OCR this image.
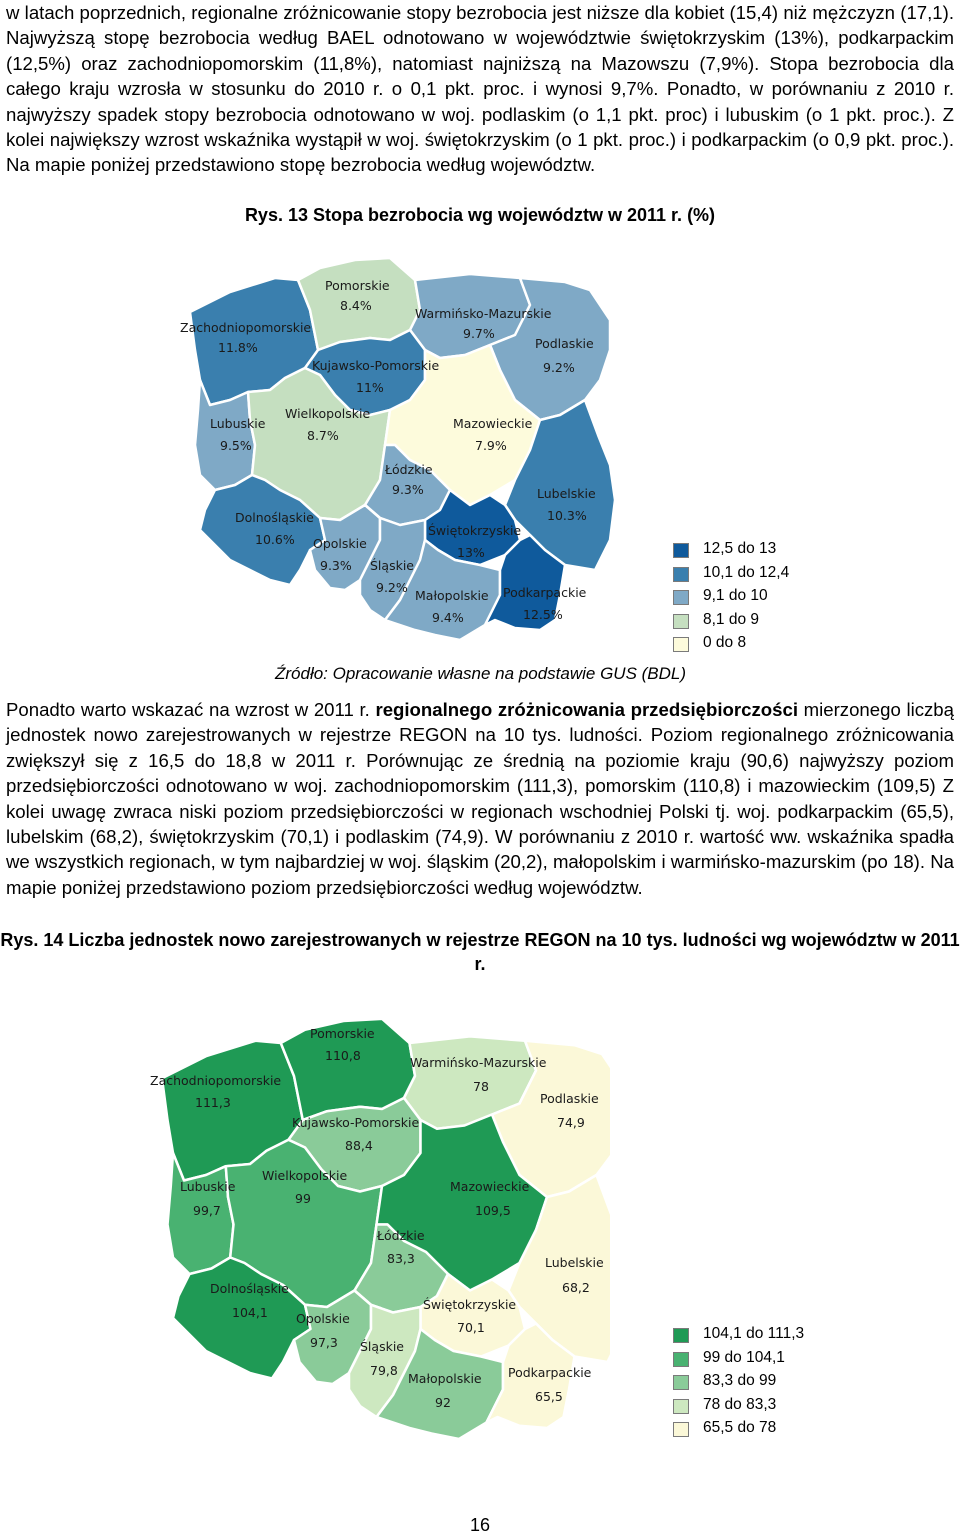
w latach poprzednich, regionalne zróżnicowanie stopy bezrobocia jest niższe dla kobiet (15,4) niż mężczyzn (17,1). Najwyższą stopę bezrobocia według BAEL odnotowano w województwie świętokrzyskim (13%), podkarpackim (12,5%) oraz zachodniopomorskim (11,8%), natomiast najniższą na Mazowszu (7,9%). Stopa bezrobocia dla całego kraju wzrosła w stosunku do 2010 r. o 0,1 pkt. proc. i wynosi 9,7%. Ponadto, w porównaniu z 2010 r. najwyższy spadek stopy bezrobocia odnotowano w woj. podlaskim (o 1,1 pkt. proc) i lubuskim (o 1 pkt. proc.). Z kolei największy wzrost wskaźnika wystąpił w woj. świętokrzyskim (o 1 pkt. proc.) i podkarpackim (o 0,9 pkt. proc.). Na mapie poniżej przedstawiono stopę bezrobocia według województw.
Rys. 13 Stopa bezrobocia wg województw w 2011 r. (%)
Pomorskie
8.4%
Zachodniopomorskie
11.8%
Warmińsko-Mazurskie
9.7%
Podlaskie
9.2%
Kujawsko-Pomorskie
11%
Lubuskie
9.5%
Wielkopolskie
8.7%
Mazowieckie
7.9%
Łódzkie
9.3%	Lubelskie
10.3%
Dolnośląskie
10.6%
Świętokrzyskie
13%
Opolskie
9.3% Śląskie
9.2%
Małopolskie
9.4%
Podkarpackie
12.5%
12,5 do 13
10,1 do 12,4
9,1 do 10
8,1 do 9
0 do 8
Źródło: Opracowanie własne na podstawie GUS (BDL)
Ponadto warto wskazać na wzrost w 2011 r. regionalnego zróżnicowania przedsiębiorczości mierzonego liczbą jednostek nowo zarejestrowanych w rejestrze REGON na 10 tys. ludności. Poziom regionalnego zróżnicowania zwiększył się z 16,5 do 18,8 w 2011 r. Porównując ze średnią na poziomie kraju (90,6) najwyższy poziom przedsiębiorczości odnotowano w woj. zachodniopomorskim (111,3), pomorskim (110,8) i mazowieckim (109,5) Z kolei uwagę zwraca niski poziom przedsiębiorczości w regionach wschodniej Polski tj. woj. podkarpackim (65,5), lubelskim (68,2), świętokrzyskim (70,1) i podlaskim (74,9). W porównaniu z 2010 r. wartość ww. wskaźnika spadła we wszystkich regionach, w tym najbardziej w woj. śląskim (20,2), małopolskim i warmińsko-mazurskim (po 18). Na mapie poniżej przedstawiono poziom przedsiębiorczości według województw.
Rys. 14 Liczba jednostek nowo zarejestrowanych w rejestrze REGON na 10 tys. ludności wg województw w 2011 r.
Pomorskie
110,8
Zachodniopomorskie
111,3
Warmińsko-Mazurskie
78
Podlaskie
74,9
Kujawsko-Pomorskie
88,4
Lubuskie
99,7
Wielkopolskie
99
Mazowieckie
109,5
Łódzkie
83,3	Lubelskie
68,2
Dolnośląskie
104,1
Świętokrzyskie
70,1
Opolskie
97,3 Śląskie
79,8
Małopolskie
92
Podkarpackie
65,5
104,1 do 111,3
99 do 104,1
83,3 do 99
78 do 83,3
65,5 do 78
16
